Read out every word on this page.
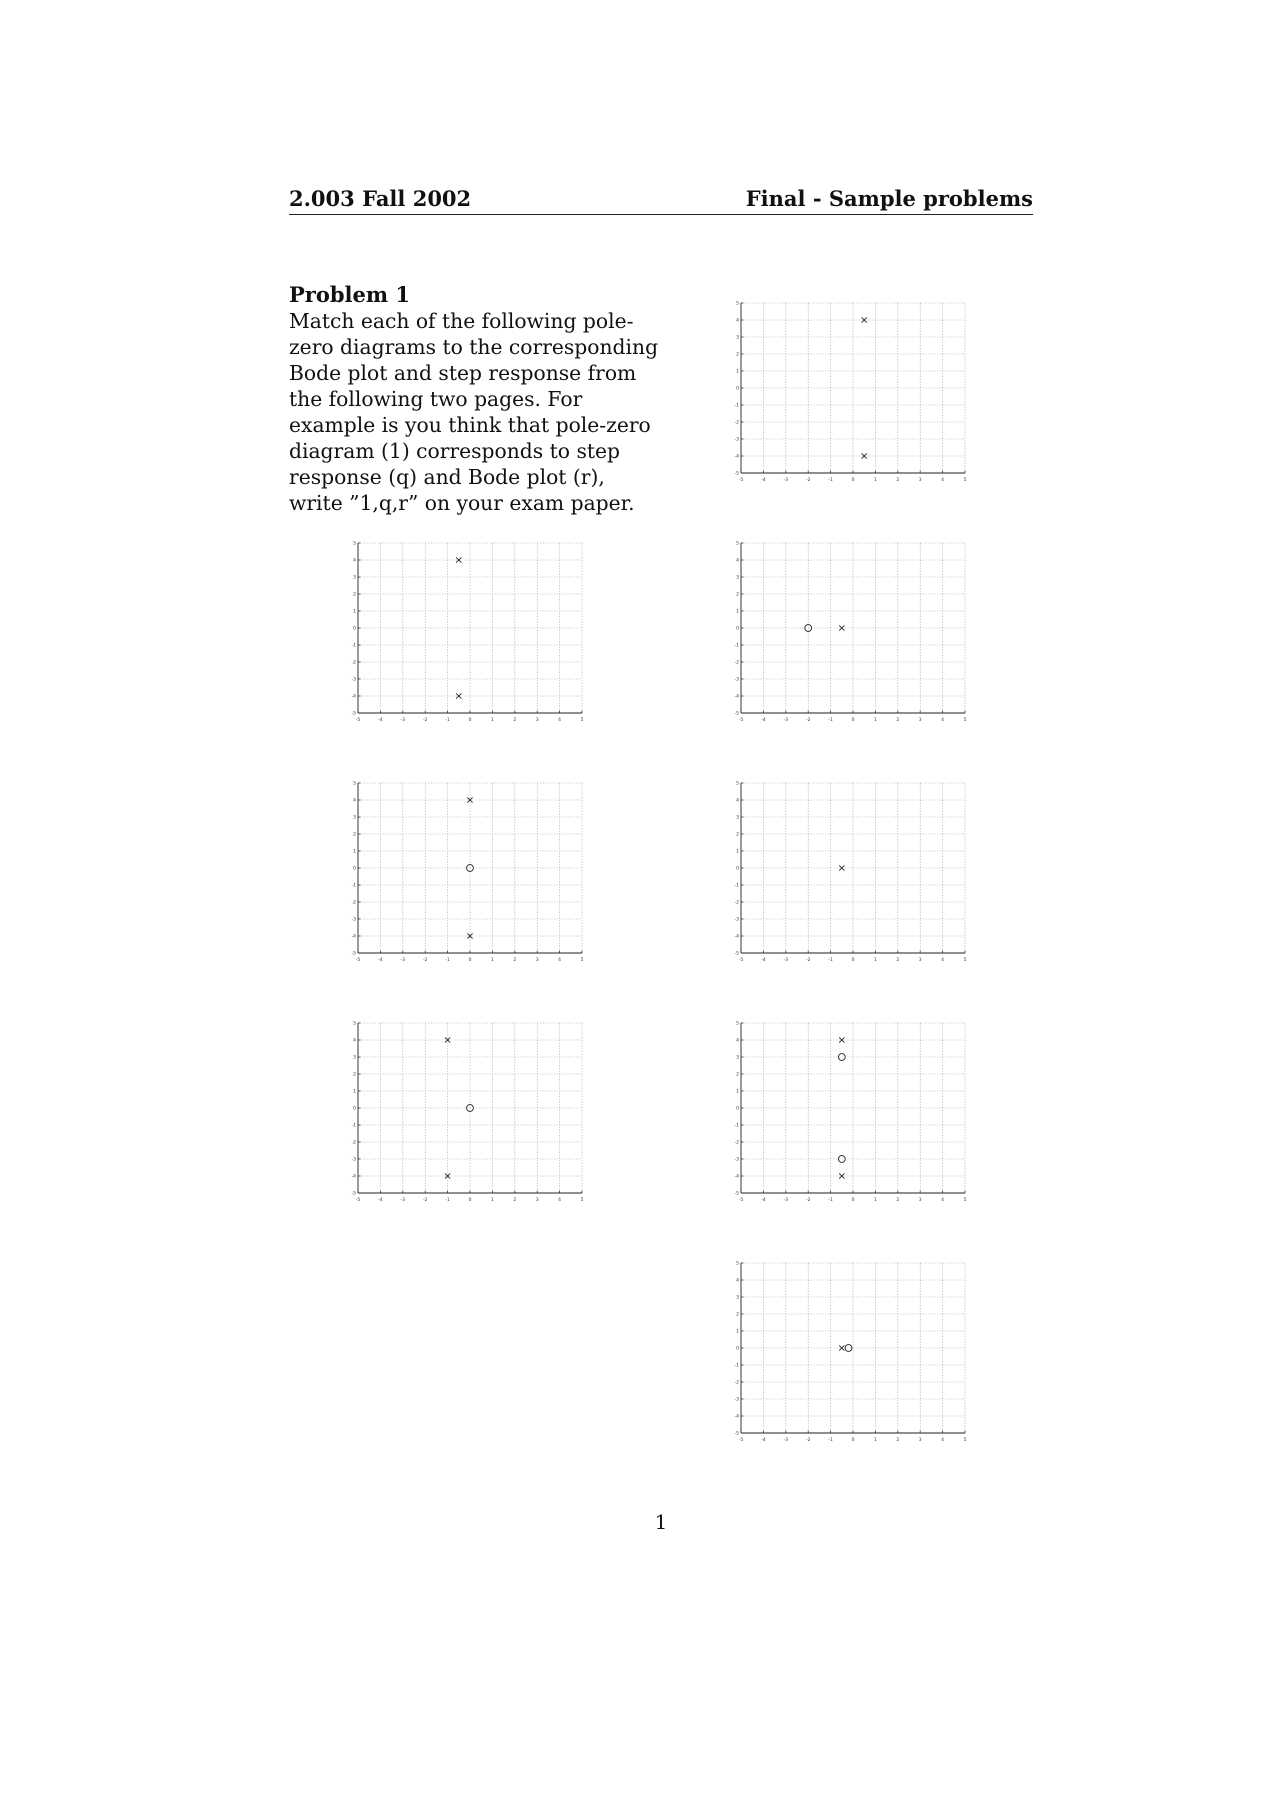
2.003 Fall 2002	Final - Sample problems
Problem 1
Match each of the following pole-zero diagrams to the corresponding Bode plot and step response from the following two pages. For example is you think that pole-zero diagram (1) corresponds to step response (q) and Bode plot (r), write ”1,q,r” on your exam paper.
-5	-4	-3	-2	-1	0	1	2	3	4	5
-5
-4
-3
-2
-1
0
1
2
3
4
5
-5	-4	-3	-2	-1	0	1	2	3	4	5
-5
-4
-3
-2
-1
0
1
2
3
4
5
-5	-4	-3	-2	-1	0	1	2	3	4	5
-5
-4
-3
-2
-1
0
1
2
3
4
5
-5	-4	-3	-2	-1	0	1	2	3	4	5
-5
-4
-3
-2
-1
0
1
2
3
4
5
-5	-4	-3	-2	-1	0	1	2	3	4	5
-5
-4
-3
-2
-1
0
1
2
3
4
5
-5	-4	-3	-2	-1	0	1	2	3	4	5
-5
-4
-3
-2
-1
0
1
2
3
4
5
-5	-4	-3	-2	-1	0	1	2	3	4	5
-5
-4
-3
-2
-1
0
1
2
3
4
5
-5	-4	-3	-2	-1	0	1	2	3	4	5
-5
-4
-3
-2
-1
0
1
2
3
4
5
1
